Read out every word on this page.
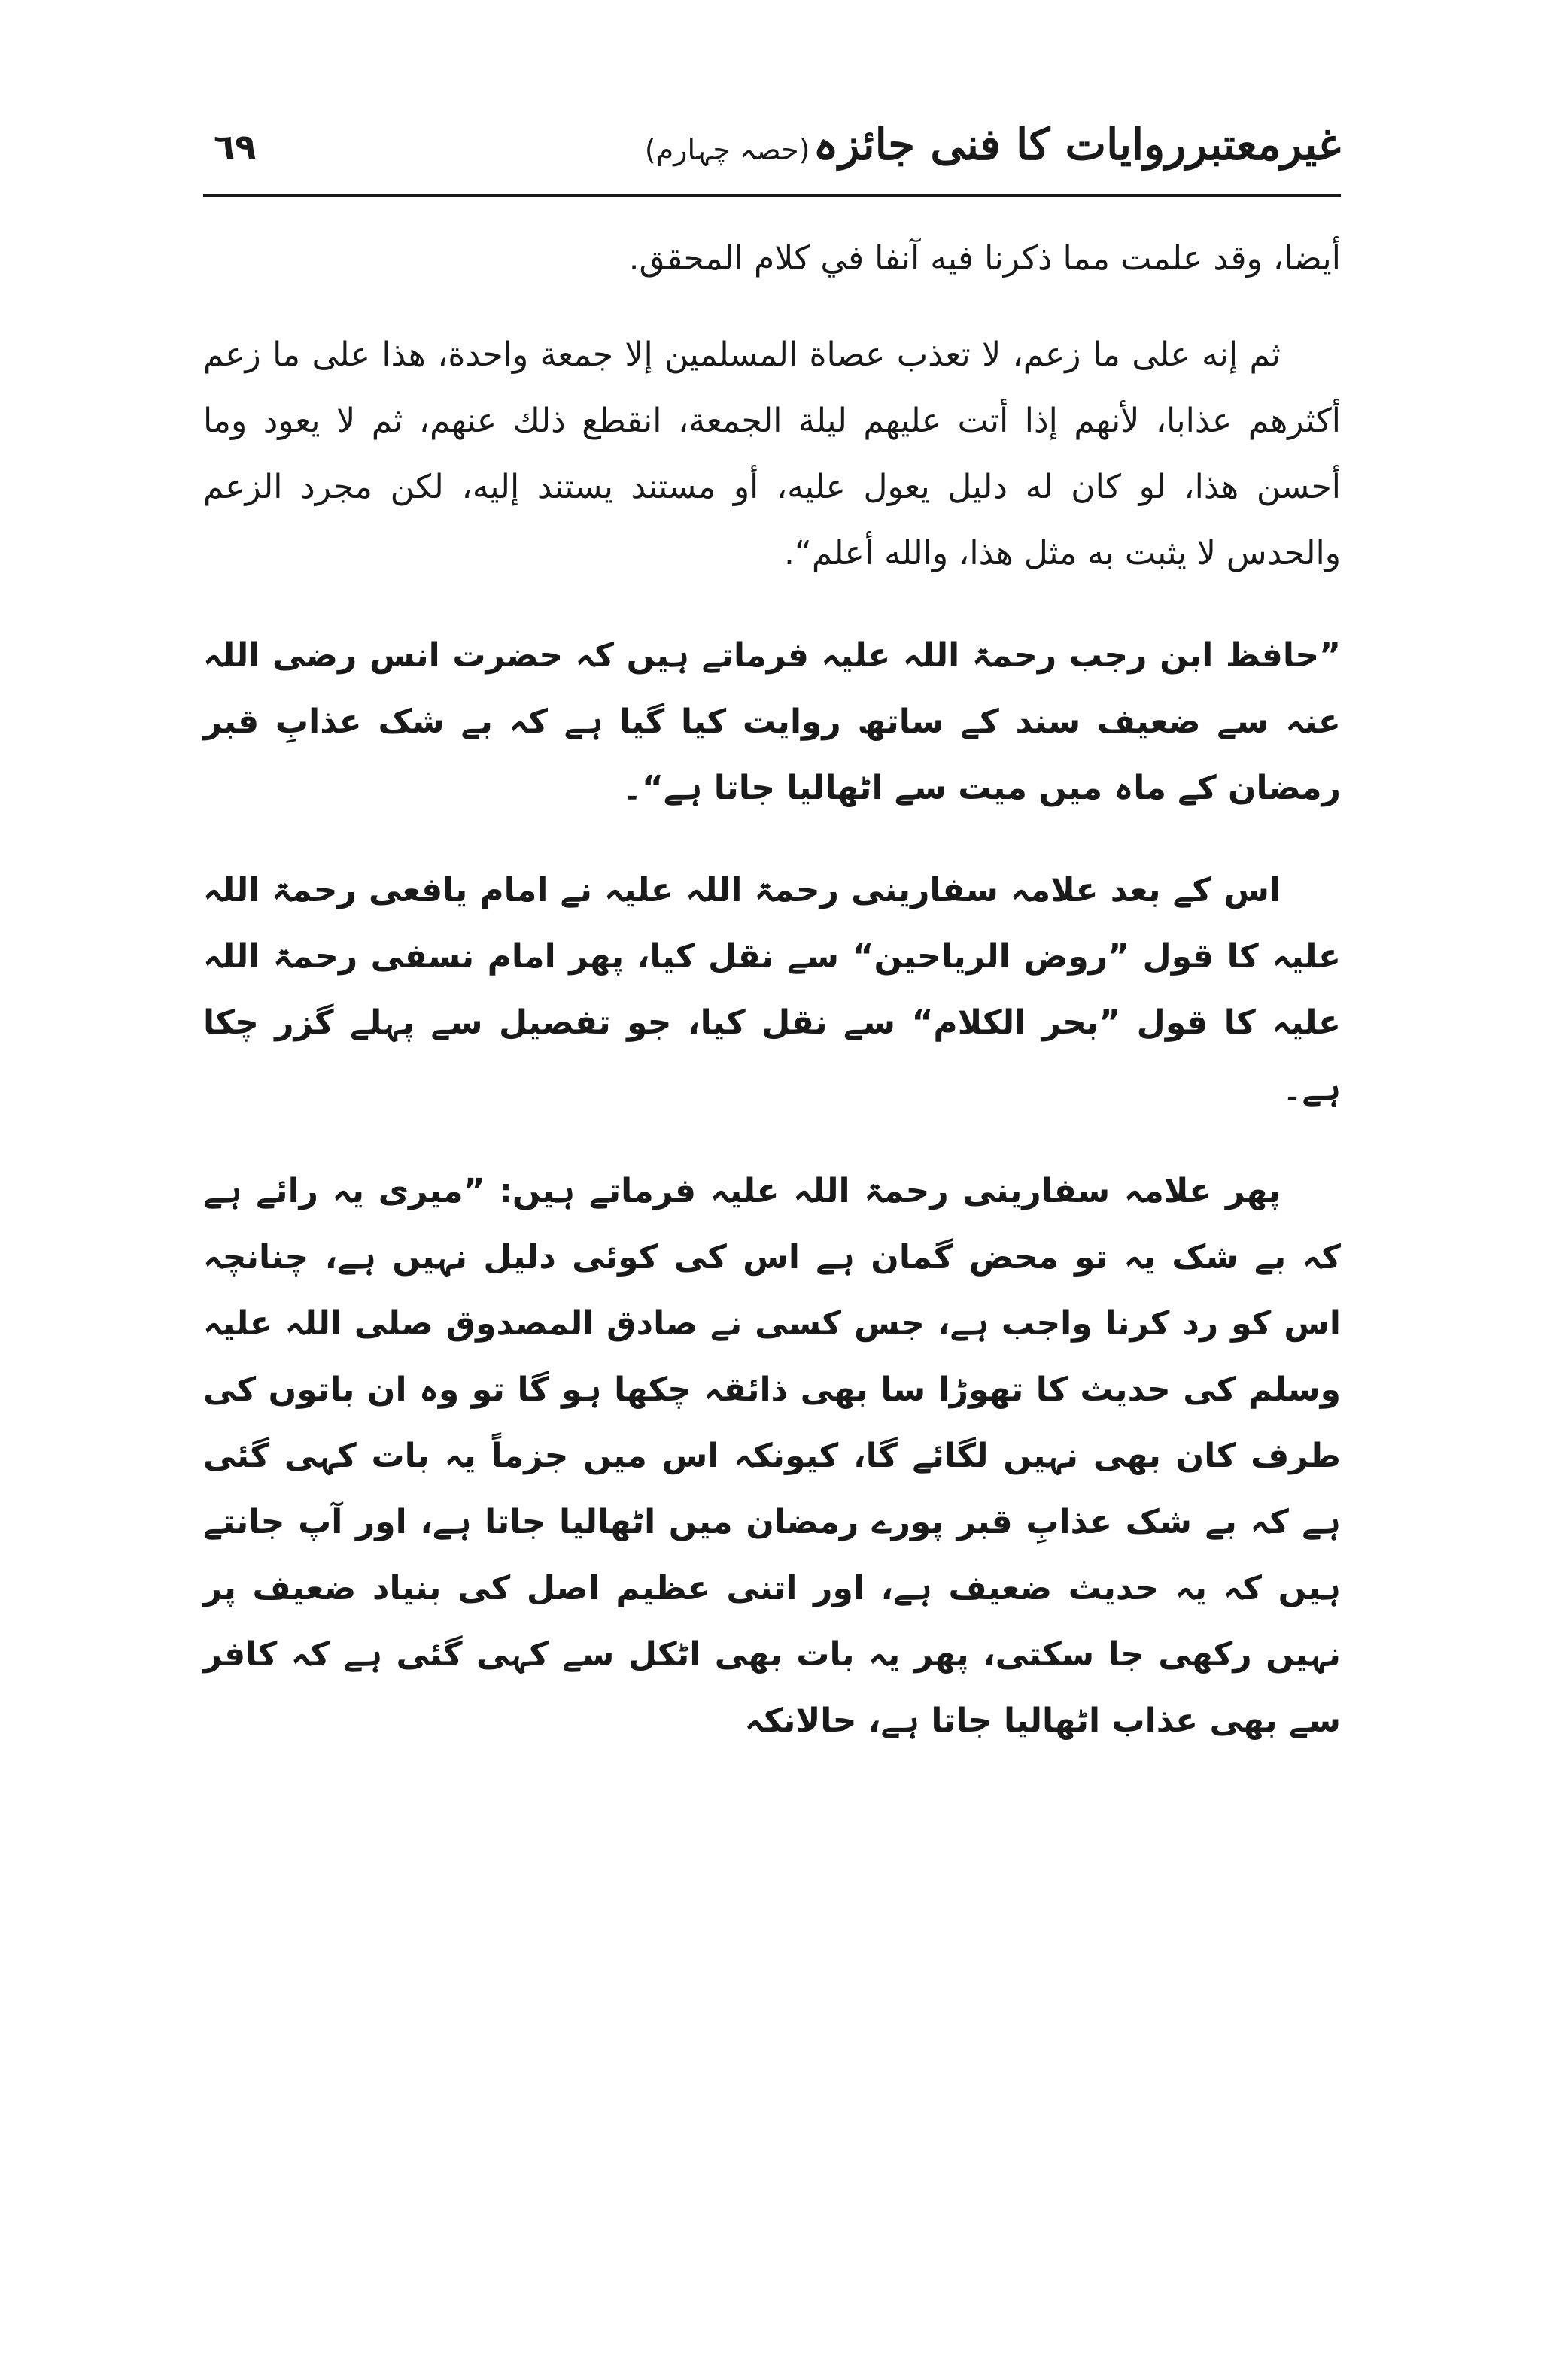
٦٩	غیرمعتبرروایات کا فنی جائزہ (حصہ چہارم)

أيضا، وقد علمت مما ذكرنا فيه آنفا في كلام المحقق.

ثم إنه على ما زعم، لا تعذب عصاة المسلمين إلا جمعة واحدة، هذا على ما زعم أكثرهم عذابا، لأنهم إذا أتت عليهم ليلة الجمعة، انقطع ذلك عنهم، ثم لا يعود وما أحسن هذا، لو كان له دليل يعول عليه، أو مستند يستند إليه، لكن مجرد الزعم والحدس لا يثبت به مثل هذا، والله أعلم“.

”حافظ ابن رجب رحمۃ اللہ علیہ فرماتے ہیں کہ حضرت انس رضی اللہ عنہ سے ضعیف سند کے ساتھ روایت کیا گیا ہے کہ بے شک عذابِ قبر رمضان کے ماہ میں میت سے اٹھالیا جاتا ہے“۔

اس کے بعد علامہ سفارینی رحمۃ اللہ علیہ نے امام یافعی رحمۃ اللہ علیہ کا قول ”روض الریاحین“ سے نقل کیا، پھر امام نسفی رحمۃ اللہ علیہ کا قول ”بحر الکلام“ سے نقل کیا، جو تفصیل سے پہلے گزر چکا ہے۔

پھر علامہ سفارینی رحمۃ اللہ علیہ فرماتے ہیں: ”میری یہ رائے ہے کہ بے شک یہ تو محض گمان ہے اس کی کوئی دلیل نہیں ہے، چنانچہ اس کو رد کرنا واجب ہے، جس کسی نے صادق المصدوق صلی اللہ علیہ وسلم کی حدیث کا تھوڑا سا بھی ذائقہ چکھا ہو گا تو وہ ان باتوں کی طرف کان بھی نہیں لگائے گا، کیونکہ اس میں جزماً یہ بات کہی گئی ہے کہ بے شک عذابِ قبر پورے رمضان میں اٹھالیا جاتا ہے، اور آپ جانتے ہیں کہ یہ حدیث ضعیف ہے، اور اتنی عظیم اصل کی بنیاد ضعیف پر نہیں رکھی جا سکتی، پھر یہ بات بھی اٹکل سے کہی گئی ہے کہ کافر سے بھی عذاب اٹھالیا جاتا ہے، حالانکہ
